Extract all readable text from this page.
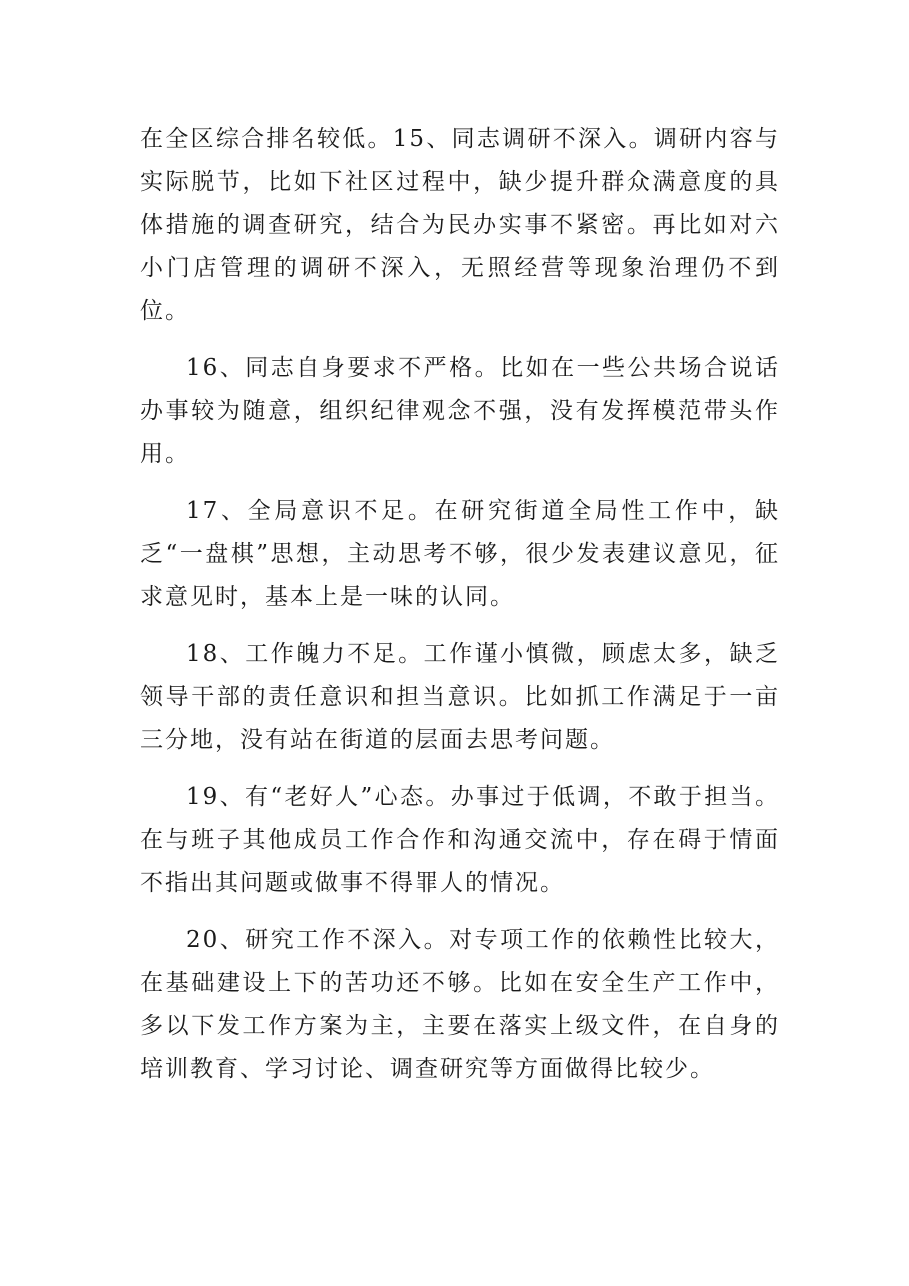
在全区综合排名较低。15、同志调研不深入。调研内容与实际脱节，比如下社区过程中，缺少提升群众满意度的具体措施的调查研究，结合为民办实事不紧密。再比如对六小门店管理的调研不深入，无照经营等现象治理仍不到位。

16、同志自身要求不严格。比如在一些公共场合说话办事较为随意，组织纪律观念不强，没有发挥模范带头作用。

17、全局意识不足。在研究街道全局性工作中，缺乏“一盘棋”思想，主动思考不够，很少发表建议意见，征求意见时，基本上是一味的认同。

18、工作魄力不足。工作谨小慎微，顾虑太多，缺乏领导干部的责任意识和担当意识。比如抓工作满足于一亩三分地，没有站在街道的层面去思考问题。

19、有“老好人”心态。办事过于低调，不敢于担当。在与班子其他成员工作合作和沟通交流中，存在碍于情面不指出其问题或做事不得罪人的情况。

20、研究工作不深入。对专项工作的依赖性比较大，在基础建设上下的苦功还不够。比如在安全生产工作中，多以下发工作方案为主，主要在落实上级文件，在自身的培训教育、学习讨论、调查研究等方面做得比较少。
